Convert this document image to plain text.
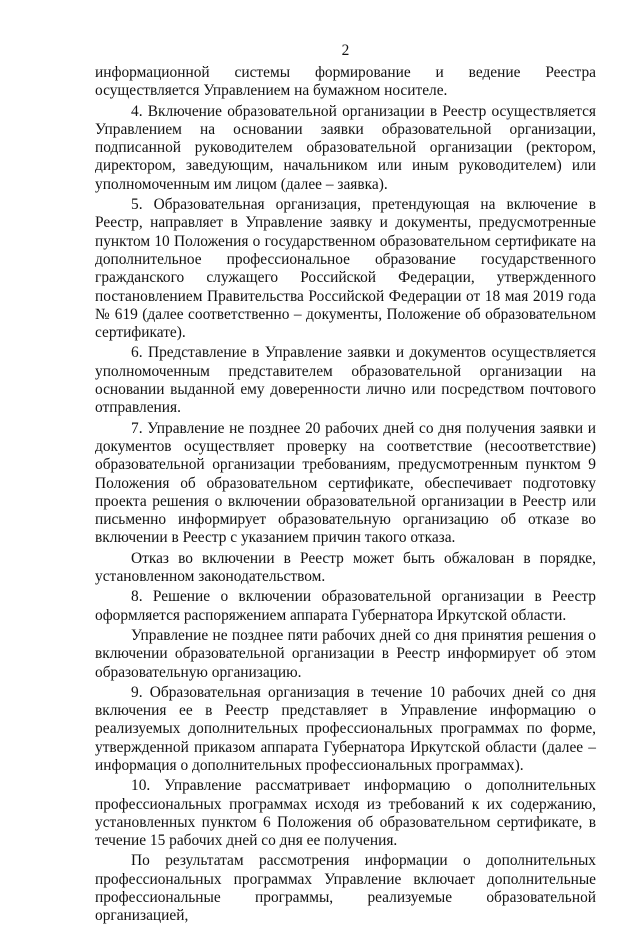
2

информационной системы формирование и ведение Реестра осуществляется Управлением на бумажном носителе.

4. Включение образовательной организации в Реестр осуществляется Управлением на основании заявки образовательной организации, подписанной руководителем образовательной организации (ректором, директором, заведующим, начальником или иным руководителем) или уполномоченным им лицом (далее – заявка).

5. Образовательная организация, претендующая на включение в Реестр, направляет в Управление заявку и документы, предусмотренные пунктом 10 Положения о государственном образовательном сертификате на дополнительное профессиональное образование государственного гражданского служащего Российской Федерации, утвержденного постановлением Правительства Российской Федерации от 18 мая 2019 года № 619 (далее соответственно – документы, Положение об образовательном сертификате).

6. Представление в Управление заявки и документов осуществляется уполномоченным представителем образовательной организации на основании выданной ему доверенности лично или посредством почтового отправления.

7. Управление не позднее 20 рабочих дней со дня получения заявки и документов осуществляет проверку на соответствие (несоответствие) образовательной организации требованиям, предусмотренным пунктом 9 Положения об образовательном сертификате, обеспечивает подготовку проекта решения о включении образовательной организации в Реестр или письменно информирует образовательную организацию об отказе во включении в Реестр с указанием причин такого отказа.

Отказ во включении в Реестр может быть обжалован в порядке, установленном законодательством.

8. Решение о включении образовательной организации в Реестр оформляется распоряжением аппарата Губернатора Иркутской области.

Управление не позднее пяти рабочих дней со дня принятия решения о включении образовательной организации в Реестр информирует об этом образовательную организацию.

9. Образовательная организация в течение 10 рабочих дней со дня включения ее в Реестр представляет в Управление информацию о реализуемых дополнительных профессиональных программах по форме, утвержденной приказом аппарата Губернатора Иркутской области (далее – информация о дополнительных профессиональных программах).

10. Управление рассматривает информацию о дополнительных профессиональных программах исходя из требований к их содержанию, установленных пунктом 6 Положения об образовательном сертификате, в течение 15 рабочих дней со дня ее получения.

По результатам рассмотрения информации о дополнительных профессиональных программах Управление включает дополнительные профессиональные программы, реализуемые образовательной организацией,
